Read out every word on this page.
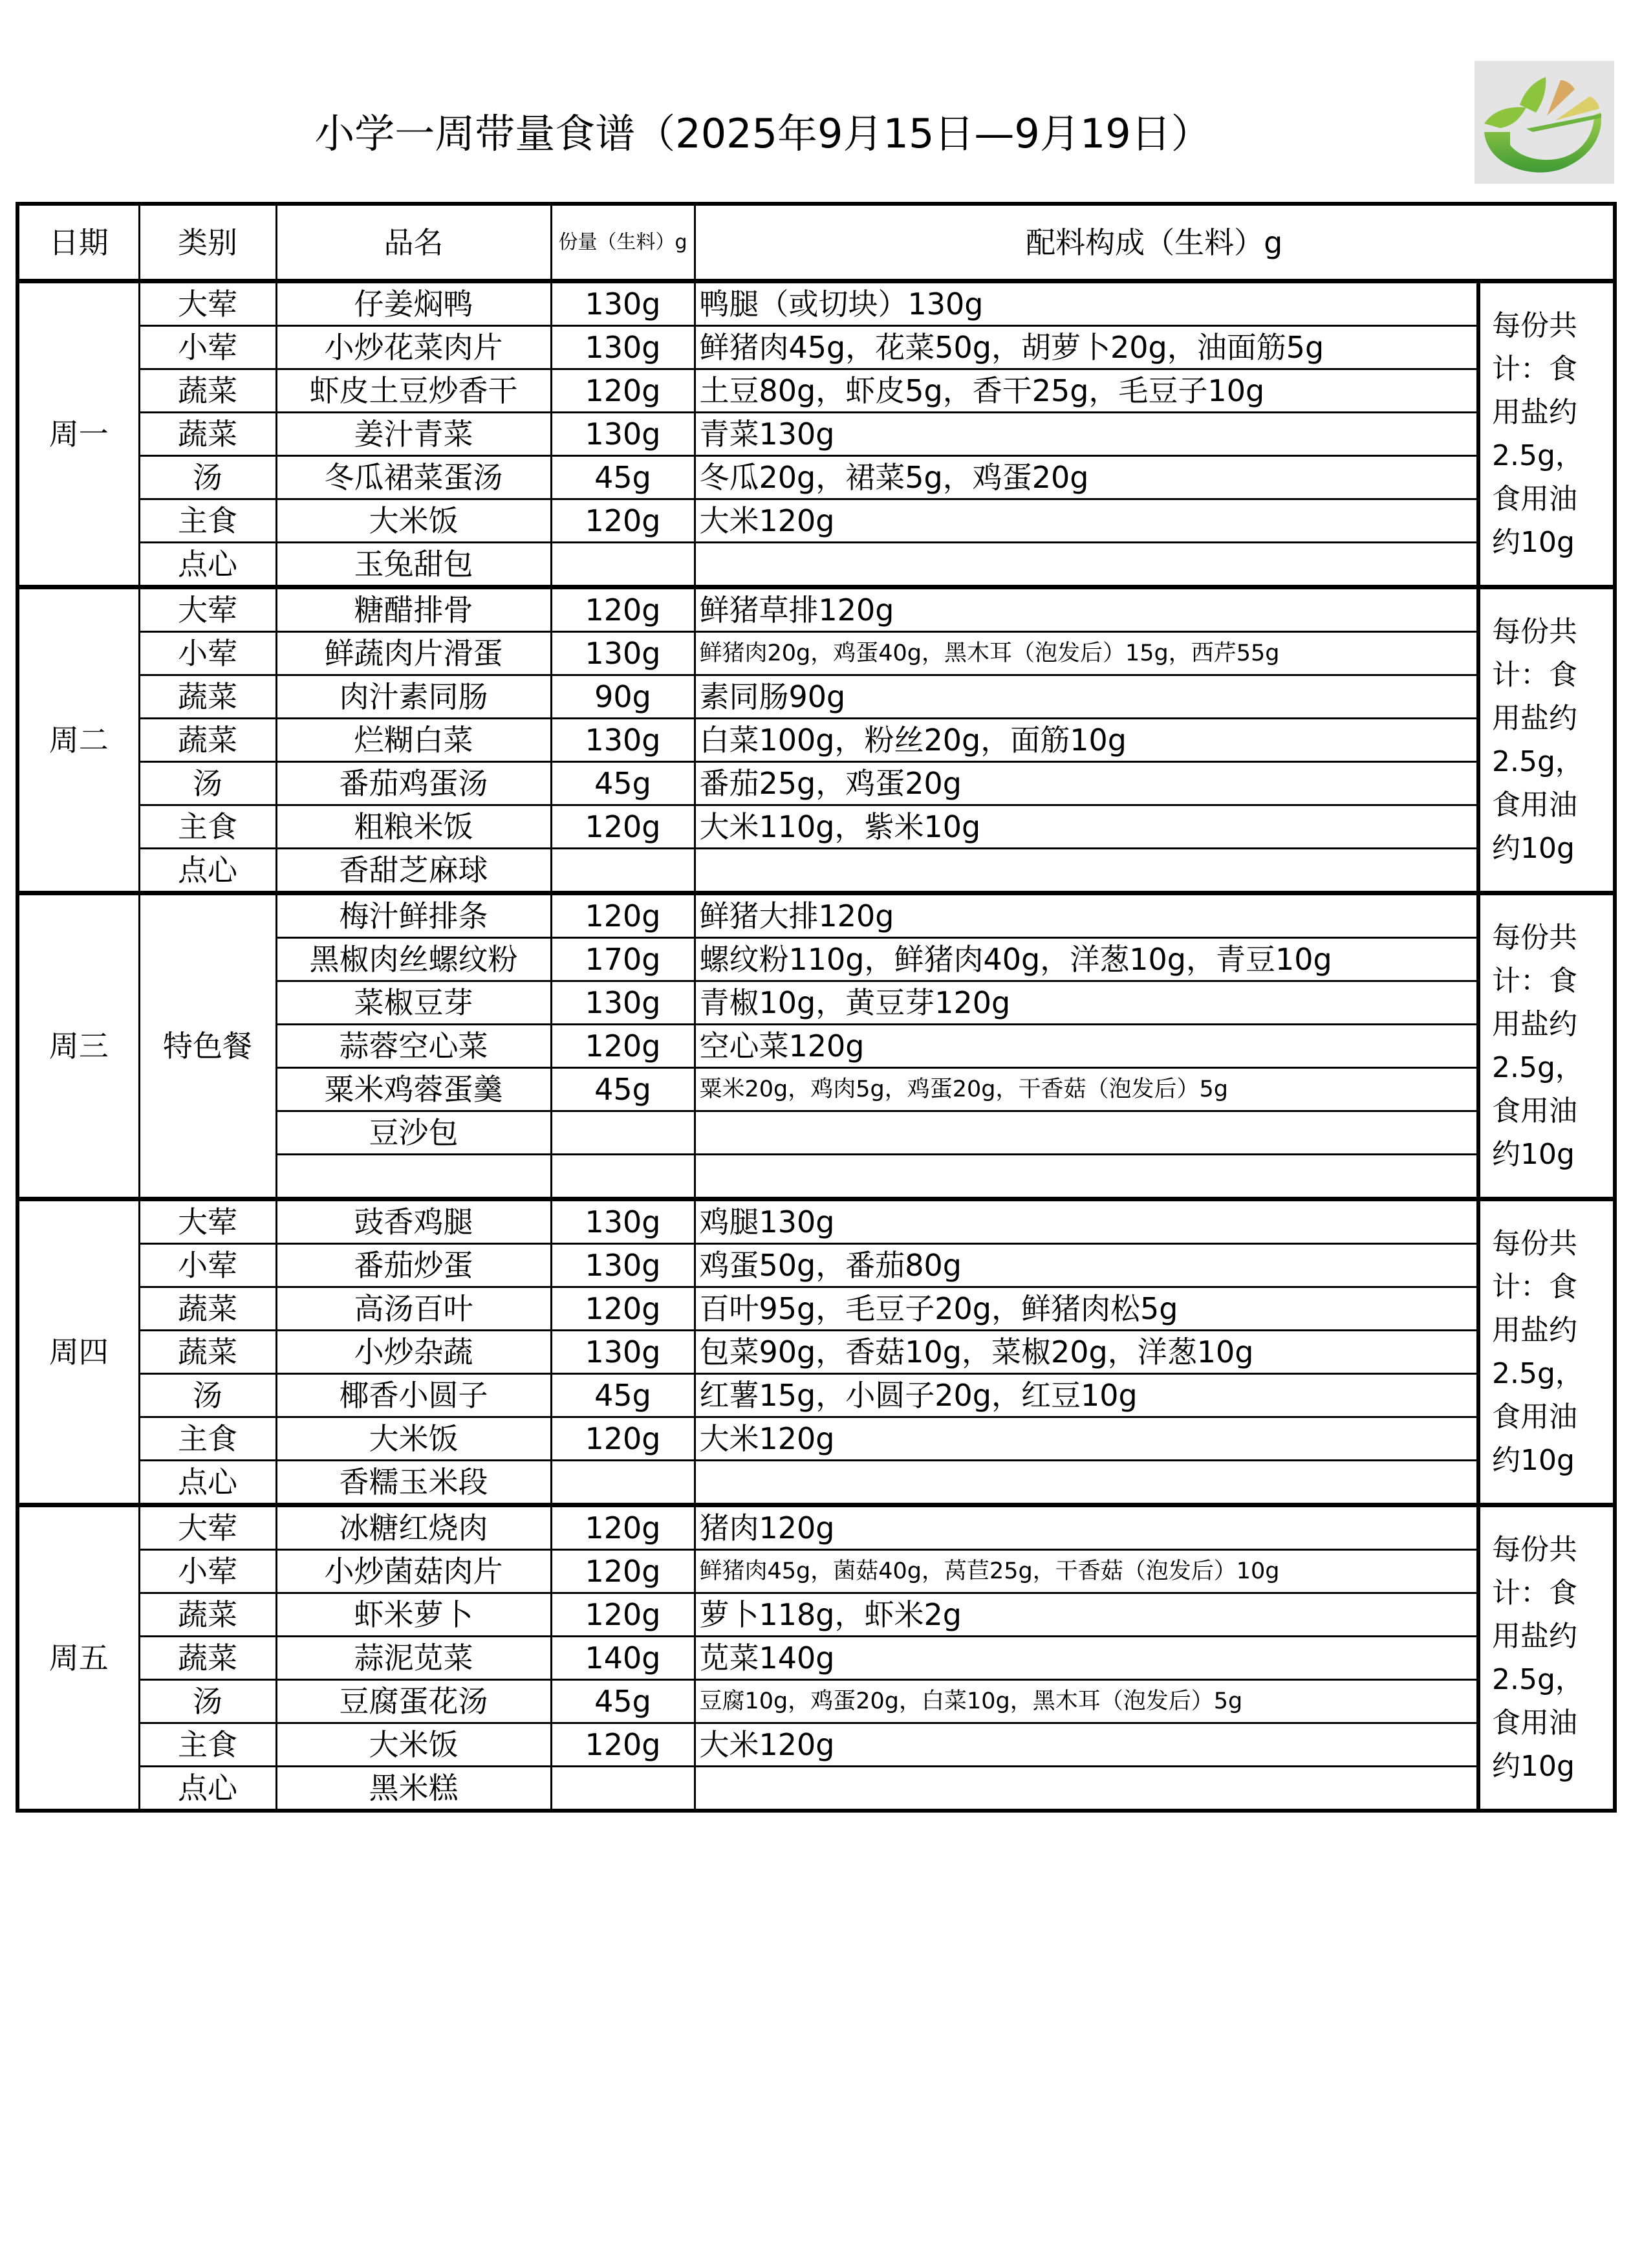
小学一周带量食谱（2025年9月15日—9月19日）
日期	类别	品名	份量（生料）g	配料构成（生料）g	
周一	大荤	仔姜焖鸭	130g	鸭腿（或切块）130g	每份共计：食用盐约2.5g，食用油约10g
	小荤	小炒花菜肉片	130g	鲜猪肉45g，花菜50g，胡萝卜20g，油面筋5g	
	蔬菜	虾皮土豆炒香干	120g	土豆80g，虾皮5g，香干25g，毛豆子10g	
	蔬菜	姜汁青菜	130g	青菜130g	
	汤	冬瓜裙菜蛋汤	45g	冬瓜20g，裙菜5g，鸡蛋20g	
	主食	大米饭	120g	大米120g	
	点心	玉兔甜包			
周二	大荤	糖醋排骨	120g	鲜猪草排120g	每份共计：食用盐约2.5g，食用油约10g
	小荤	鲜蔬肉片滑蛋	130g	鲜猪肉20g，鸡蛋40g，黑木耳（泡发后）15g，西芹55g	
	蔬菜	肉汁素同肠	90g	素同肠90g	
	蔬菜	烂糊白菜	130g	白菜100g，粉丝20g，面筋10g	
	汤	番茄鸡蛋汤	45g	番茄25g，鸡蛋20g	
	主食	粗粮米饭	120g	大米110g，紫米10g	
	点心	香甜芝麻球			
周三	特色餐	梅汁鲜排条	120g	鲜猪大排120g	每份共计：食用盐约2.5g，食用油约10g
		黑椒肉丝螺纹粉	170g	螺纹粉110g，鲜猪肉40g，洋葱10g，青豆10g	
		菜椒豆芽	130g	青椒10g，黄豆芽120g	
		蒜蓉空心菜	120g	空心菜120g	
		粟米鸡蓉蛋羹	45g	粟米20g，鸡肉5g，鸡蛋20g，干香菇（泡发后）5g	
		豆沙包			

周四	大荤	豉香鸡腿	130g	鸡腿130g	每份共计：食用盐约2.5g，食用油约10g
	小荤	番茄炒蛋	130g	鸡蛋50g，番茄80g	
	蔬菜	高汤百叶	120g	百叶95g，毛豆子20g，鲜猪肉松5g	
	蔬菜	小炒杂蔬	130g	包菜90g，香菇10g，菜椒20g，洋葱10g	
	汤	椰香小圆子	45g	红薯15g，小圆子20g，红豆10g	
	主食	大米饭	120g	大米120g	
	点心	香糯玉米段			
周五	大荤	冰糖红烧肉	120g	猪肉120g	每份共计：食用盐约2.5g，食用油约10g
	小荤	小炒菌菇肉片	120g	鲜猪肉45g，菌菇40g，莴苣25g，干香菇（泡发后）10g	
	蔬菜	虾米萝卜	120g	萝卜118g，虾米2g	
	蔬菜	蒜泥苋菜	140g	苋菜140g	
	汤	豆腐蛋花汤	45g	豆腐10g，鸡蛋20g，白菜10g，黑木耳（泡发后）5g	
	主食	大米饭	120g	大米120g	
	点心	黑米糕			
